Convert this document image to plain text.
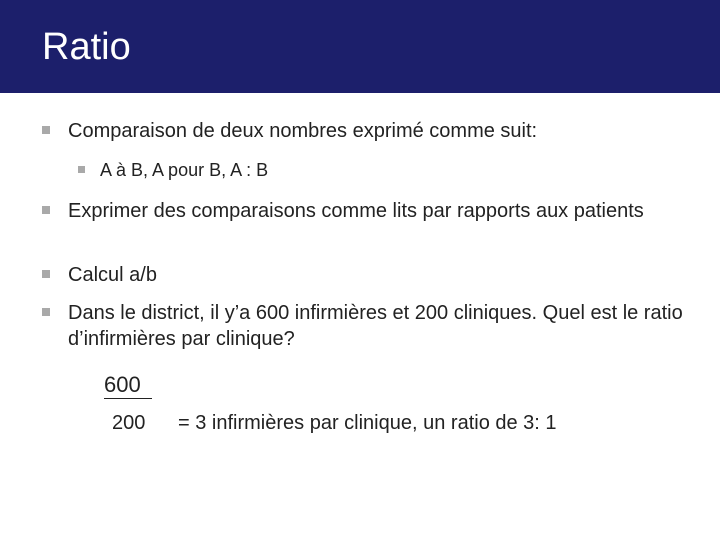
Ratio
Comparaison de deux nombres exprimé comme suit:
A à B, A pour B, A : B
Exprimer des comparaisons comme lits par rapports aux patients
Calcul a/b
Dans le district, il y’a 600 infirmières et 200 cliniques. Quel est le ratio d’infirmières par clinique?
600
200 = 3 infirmières par clinique, un ratio de 3: 1
